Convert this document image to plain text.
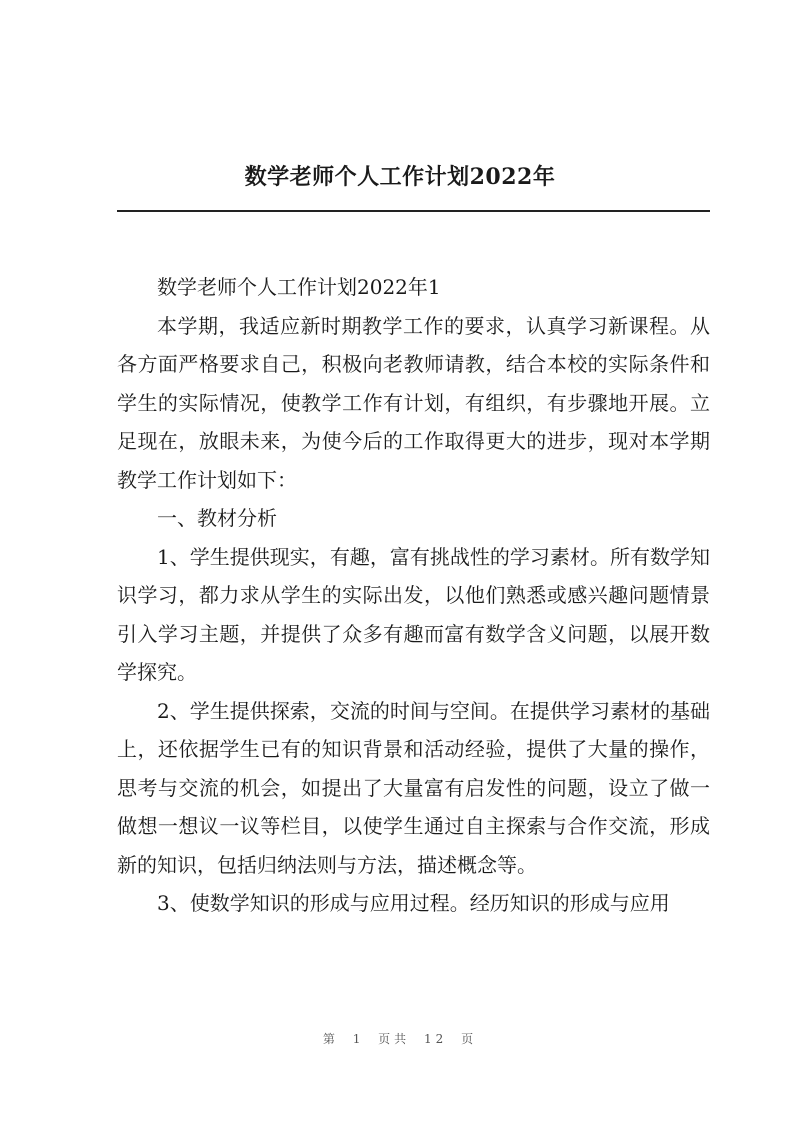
数学老师个人工作计划2022年

数学老师个人工作计划2022年1

本学期，我适应新时期教学工作的要求，认真学习新课程。从各方面严格要求自己，积极向老教师请教，结合本校的实际条件和学生的实际情况，使教学工作有计划，有组织，有步骤地开展。立足现在，放眼未来，为使今后的工作取得更大的进步，现对本学期教学工作计划如下：

一、教材分析

1、学生提供现实，有趣，富有挑战性的学习素材。所有数学知识学习，都力求从学生的实际出发，以他们熟悉或感兴趣问题情景引入学习主题，并提供了众多有趣而富有数学含义问题，以展开数学探究。

2、学生提供探索，交流的时间与空间。在提供学习素材的基础上，还依据学生已有的知识背景和活动经验，提供了大量的操作，思考与交流的机会，如提出了大量富有启发性的问题，设立了做一做想一想议一议等栏目，以使学生通过自主探索与合作交流，形成新的知识，包括归纳法则与方法，描述概念等。

3、使数学知识的形成与应用过程。经历知识的形成与应用

第 1 页共 12 页
